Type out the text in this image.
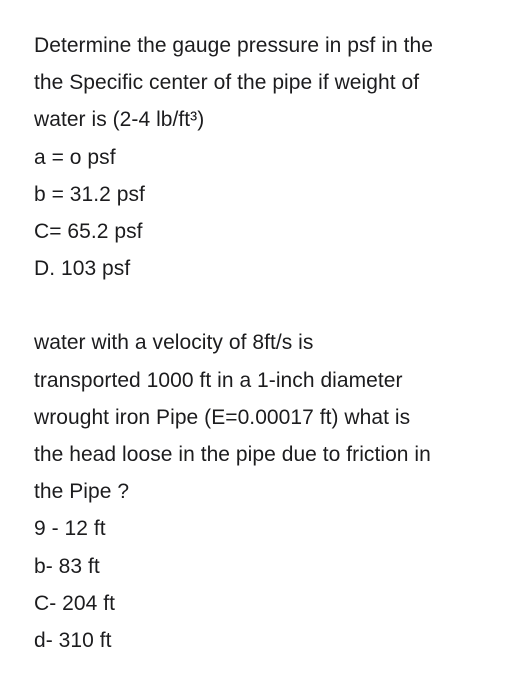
Determine the gauge pressure in psf in the
the Specific center of the pipe if weight of
water is (2-4 lb/ft³)
a = o psf
b = 31.2 psf
C= 65.2 psf
D. 103 psf
water with a velocity of 8ft/s is
transported 1000 ft in a 1-inch diameter
wrought iron Pipe (E=0.00017 ft) what is
the head loose in the pipe due to friction in
the Pipe ?
9 - 12 ft
b- 83 ft
C- 204 ft
d- 310 ft
